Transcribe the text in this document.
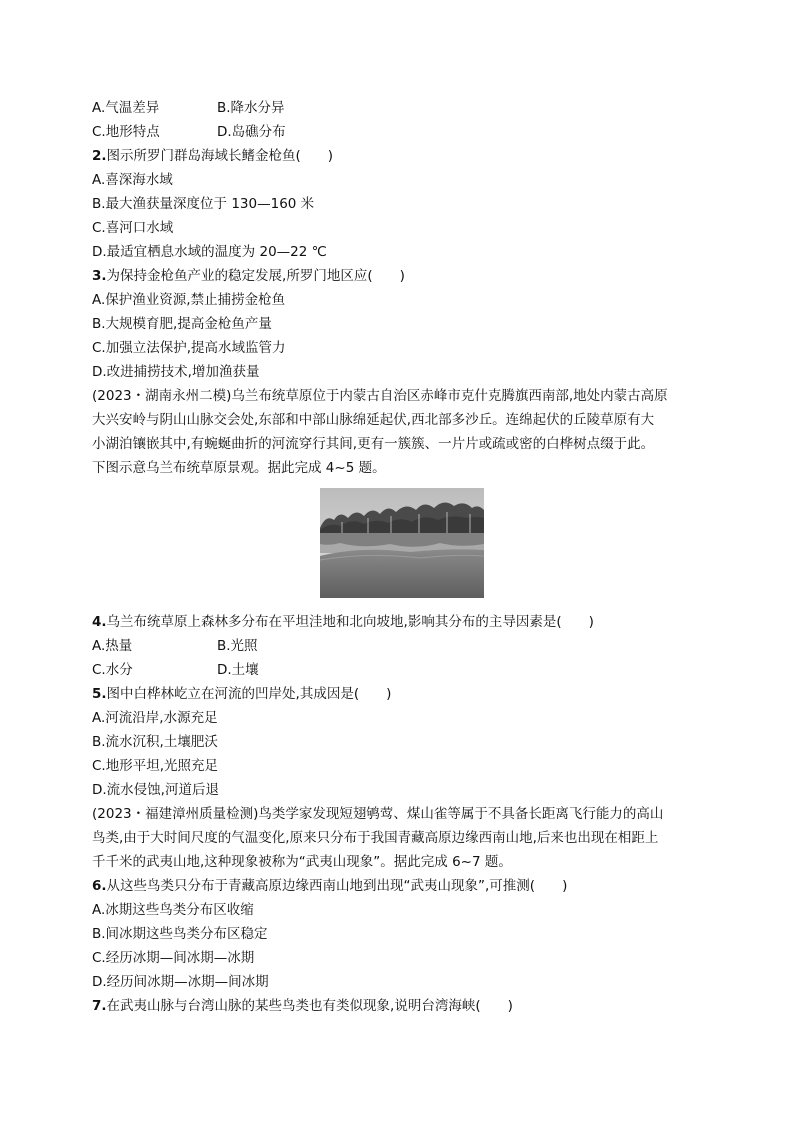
A.气温差异	B.降水分异
C.地形特点	D.岛礁分布
2.图示所罗门群岛海域长鳍金枪鱼(　　)
A.喜深海水域
B.最大渔获量深度位于 130—160 米
C.喜河口水域
D.最适宜栖息水域的温度为 20—22 ℃
3.为保持金枪鱼产业的稳定发展,所罗门地区应(　　)
A.保护渔业资源,禁止捕捞金枪鱼
B.大规模育肥,提高金枪鱼产量
C.加强立法保护,提高水域监管力
D.改进捕捞技术,增加渔获量
(2023・湖南永州二模)乌兰布统草原位于内蒙古自治区赤峰市克什克腾旗西南部,地处内蒙古高原
大兴安岭与阴山山脉交会处,东部和中部山脉绵延起伏,西北部多沙丘。连绵起伏的丘陵草原有大
小湖泊镶嵌其中,有蜿蜒曲折的河流穿行其间,更有一簇簇、一片片或疏或密的白桦树点缀于此。
下图示意乌兰布统草原景观。据此完成 4~5 题。
4.乌兰布统草原上森林多分布在平坦洼地和北向坡地,影响其分布的主导因素是(　　)
A.热量	B.光照
C.水分	D.土壤
5.图中白桦林屹立在河流的凹岸处,其成因是(　　)
A.河流沿岸,水源充足
B.流水沉积,土壤肥沃
C.地形平坦,光照充足
D.流水侵蚀,河道后退
(2023・福建漳州质量检测)鸟类学家发现短翅鸲莺、煤山雀等属于不具备长距离飞行能力的高山
鸟类,由于大时间尺度的气温变化,原来只分布于我国青藏高原边缘西南山地,后来也出现在相距上
千千米的武夷山地,这种现象被称为“武夷山现象”。据此完成 6~7 题。
6.从这些鸟类只分布于青藏高原边缘西南山地到出现“武夷山现象”,可推测(　　)
A.冰期这些鸟类分布区收缩
B.间冰期这些鸟类分布区稳定
C.经历冰期—间冰期—冰期
D.经历间冰期—冰期—间冰期
7.在武夷山脉与台湾山脉的某些鸟类也有类似现象,说明台湾海峡(　　)
